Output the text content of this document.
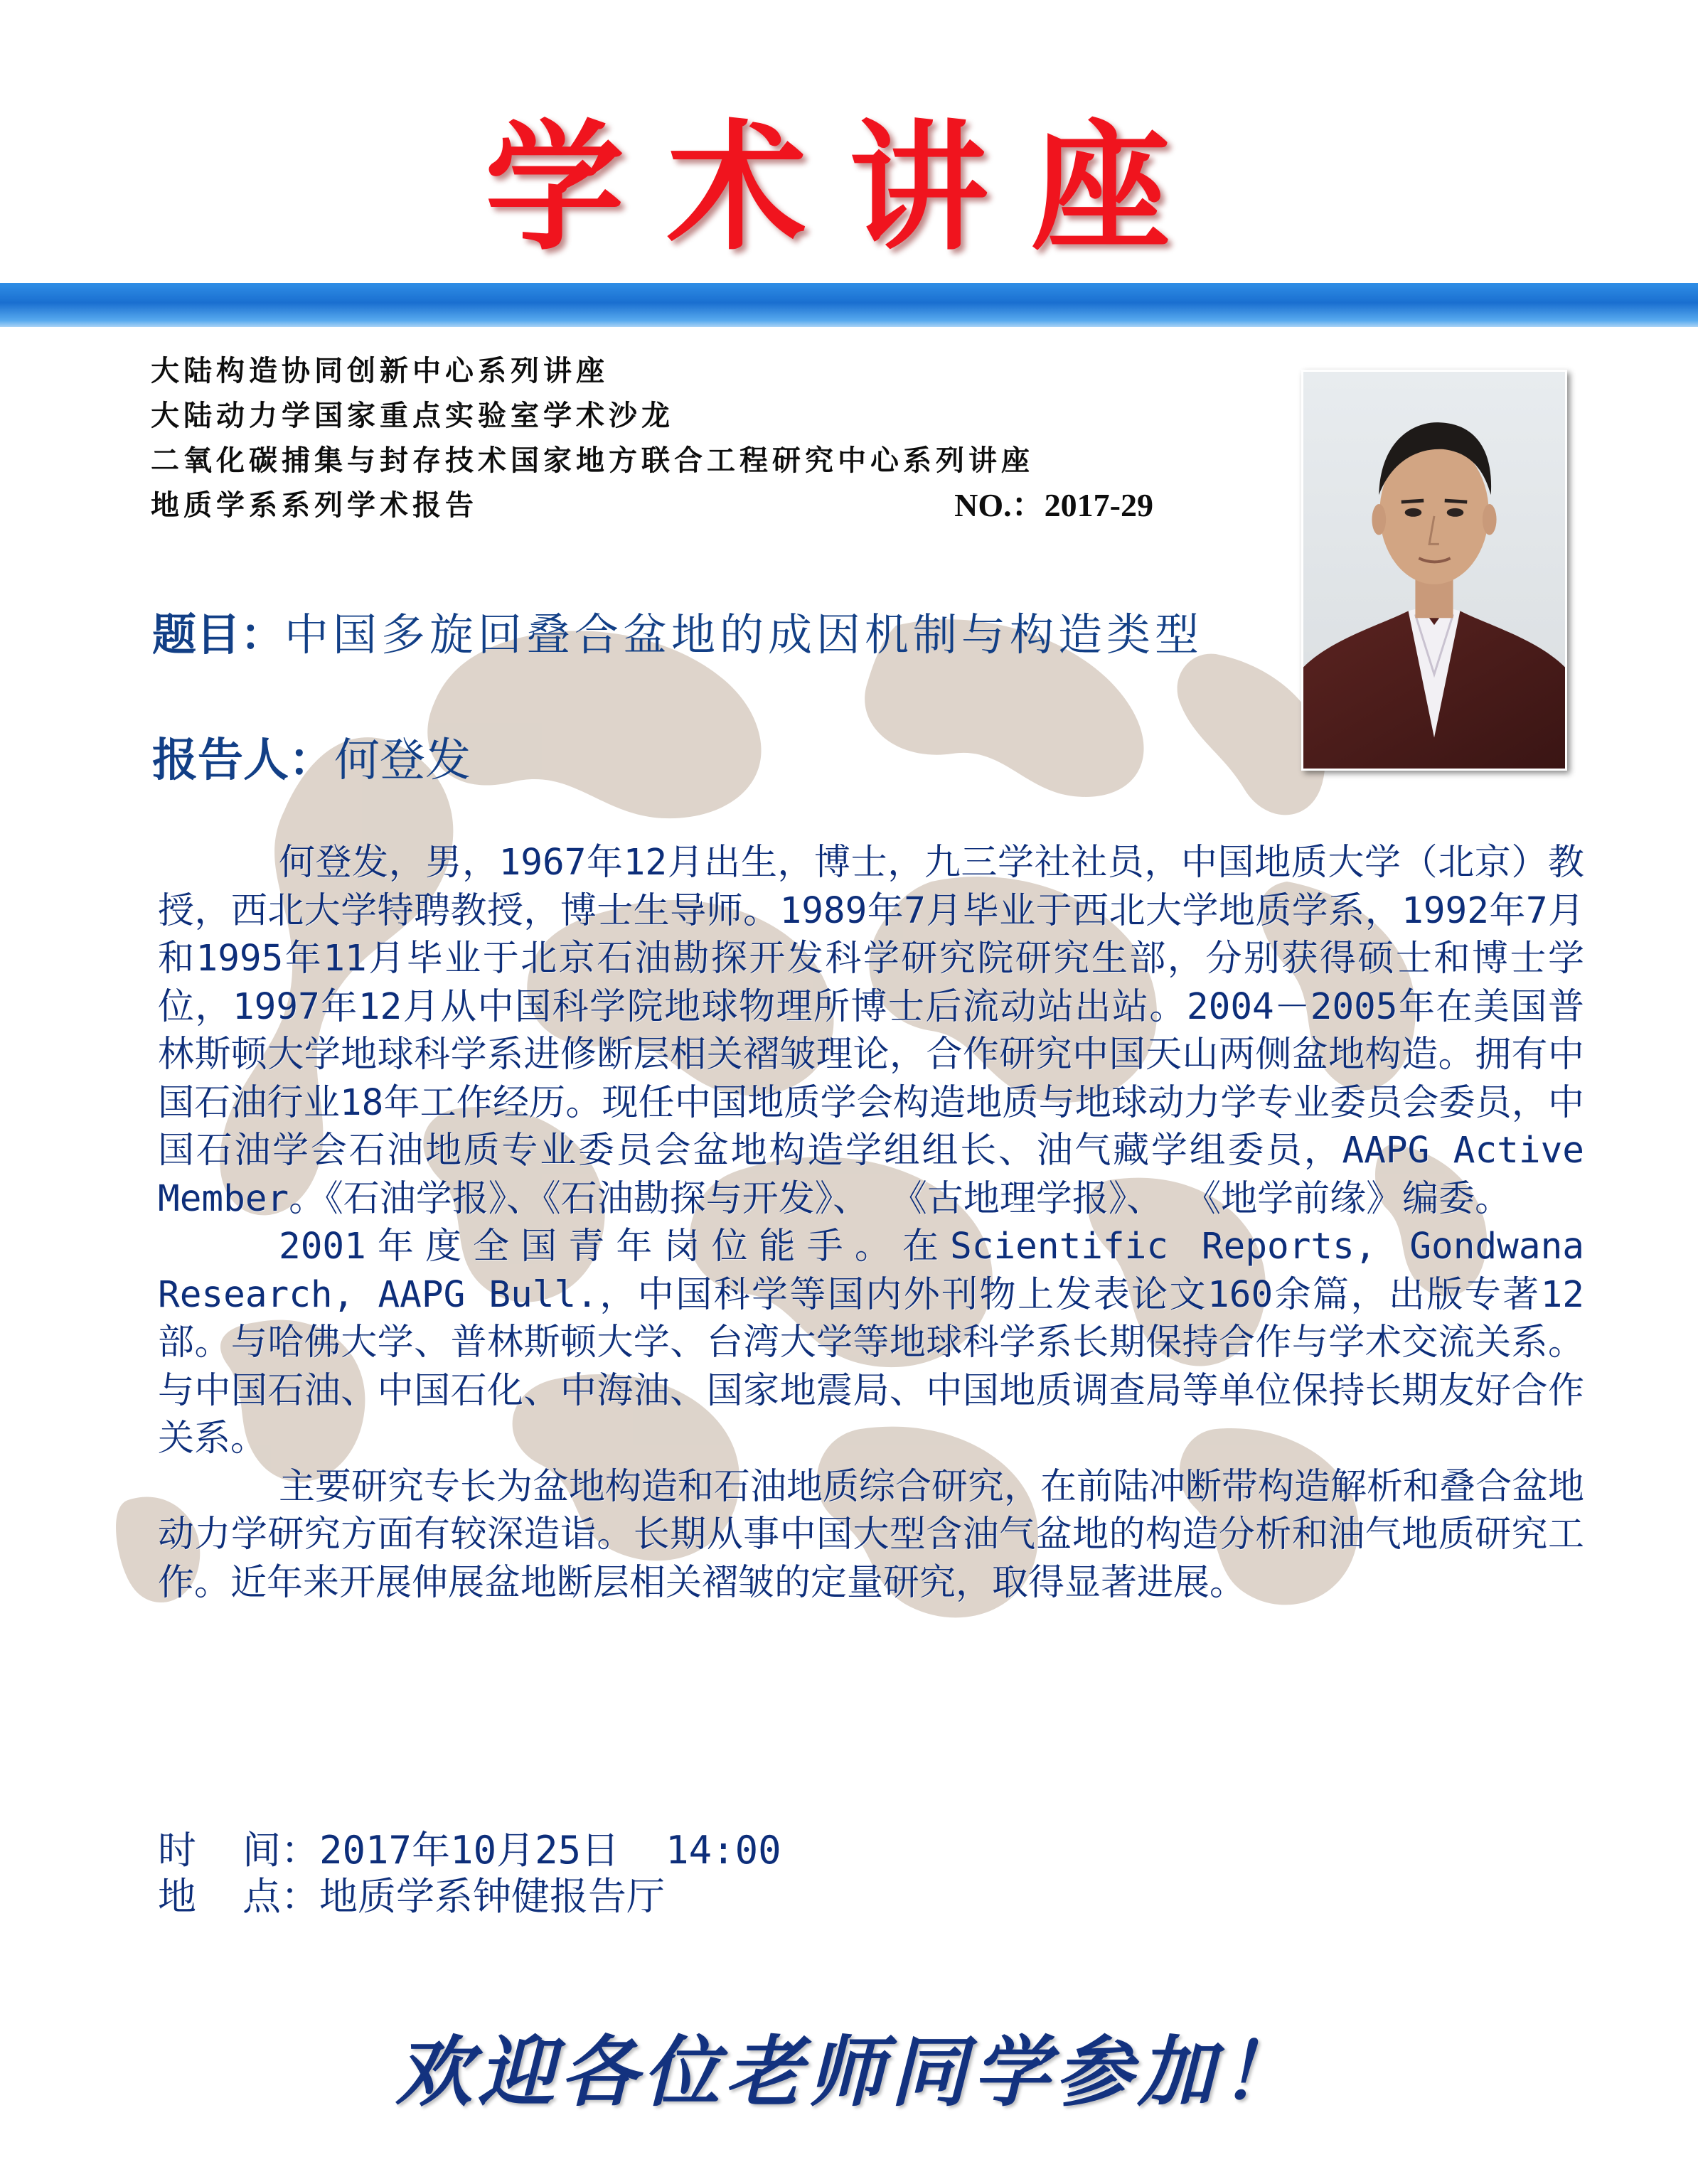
学术讲座
大陆构造协同创新中心系列讲座
大陆动力学国家重点实验室学术沙龙
二氧化碳捕集与封存技术国家地方联合工程研究中心系列讲座
地质学系系列学术报告	NO.：2017-29
题目：中国多旋回叠合盆地的成因机制与构造类型
报告人：何登发

何登发，男，1967年12月出生，博士，九三学社社员，中国地质大学（北京）教授，西北大学特聘教授，博士生导师。1989年7月毕业于西北大学地质学系，1992年7月和1995年11月毕业于北京石油勘探开发科学研究院研究生部，分别获得硕士和博士学位，1997年12月从中国科学院地球物理所博士后流动站出站。2004－2005年在美国普林斯顿大学地球科学系进修断层相关褶皱理论，合作研究中国天山两侧盆地构造。拥有中国石油行业18年工作经历。现任中国地质学会构造地质与地球动力学专业委员会委员，中国石油学会石油地质专业委员会盆地构造学组组长、油气藏学组委员，AAPG Active Member。《石油学报》、《石油勘探与开发》、 《古地理学报》、 《地学前缘》编委。

2001年度全国青年岗位能手。在Scientific Reports, Gondwana Research, AAPG Bull.，中国科学等国内外刊物上发表论文160余篇，出版专著12部。与哈佛大学、普林斯顿大学、台湾大学等地球科学系长期保持合作与学术交流关系。与中国石油、中国石化、中海油、国家地震局、中国地质调查局等单位保持长期友好合作关系。

主要研究专长为盆地构造和石油地质综合研究，在前陆冲断带构造解析和叠合盆地动力学研究方面有较深造诣。长期从事中国大型含油气盆地的构造分析和油气地质研究工作。近年来开展伸展盆地断层相关褶皱的定量研究，取得显著进展。

时  间：2017年10月25日  14:00
地  点：地质学系钟健报告厅
欢迎各位老师同学参加！
